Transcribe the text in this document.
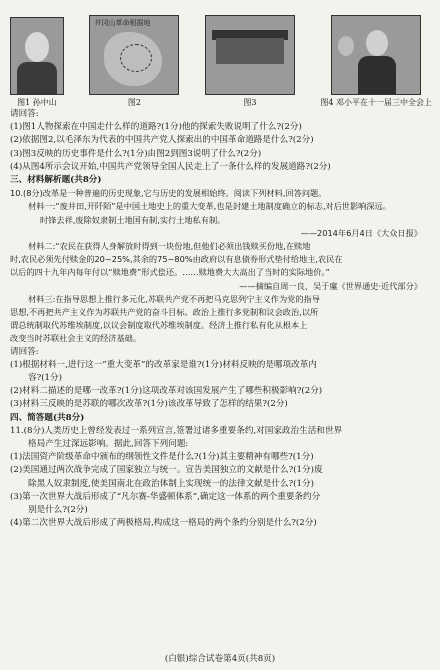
图1 孙中山
井冈山革命根据地
图2	图3	图4 邓小平在十一届三中全会上
请回答:
(1)图1人物探索在中国走什么样的道路?(1分)他的探索失败说明了什么?(2分)
(2)依据图2,以毛泽东为代表的中国共产党人探索出的中国革命道路是什么?(2分)
(3)图3反映的历史事件是什么?(1分)由图2到图3说明了什么?(2分)
(4)从图4所示会议开始,中国共产党领导全国人民走上了一条什么样的发展道路?(2分)
三、材料解析题(共8分)
10.(8分)改革是一种普遍的历史现象,它与历史的发展相始终。阅读下列材料,回答问题。
材料一:“废井田,开阡陌”是中国土地史上的重大变革,也是封建土地制度确立的标志,对后世影响深远。
时锋去祥,废除奴隶制土地国有制,实行土地私有制。
——2014年6月4日《大众日报》
材料二:“农民在获得人身解放时得到一块份地,但他们必须出钱赎买份地,在赎地
时,农民必须先付赎金的20~25%,其余的75~80%由政府以有息债券形式垫付给地主,农民在
以后的四十九年内每年付以“赎地费”形式偿还。……赎地费大大高出了当时的实际地价。”
——摘编自周一良、吴于廑《世界通史·近代部分》
材料三:在指导思想上推行多元化,苏联共产党不再把马克思列宁主义作为党的指导
思想,不再把共产主义作为苏联共产党的奋斗目标。政治上推行多党制和议会政治,以所
谓总统制取代苏维埃制度,以议会制度取代苏维埃制度。经济上推行私有化从根本上
改变当时苏联社会主义的经济基础。
请回答:
(1)根据材料一,进行这一“重大变革”的改革家是谁?(1分)材料反映的是哪项改革内
容?(1分)
(2)材料二描述的是哪一改革?(1分)这项改革对该国发展产生了哪些积极影响?(2分)
(3)材料三反映的是苏联的哪次改革?(1分)该改革导致了怎样的结果?(2分)
四、简答题(共8分)
11.(8分)人类历史上曾经发表过一系列宣言,签署过诸多重要条约,对国家政治生活和世界
格局产生过深远影响。据此,回答下列问题:
(1)法国资产阶级革命中颁布的纲领性文件是什么?(1分)其主要精神有哪些?(1分)
(2)美国通过两次战争完成了国家独立与统一。宣告美国独立的文献是什么?(1分)废
除黑人奴隶制度,使美国南北在政治体制上实现统一的法律文献是什么?(1分)
(3)第一次世界大战后形成了“凡尔赛-华盛顿体系”,确定这一体系的两个重要条约分
别是什么?(2分)
(4)第二次世界大战后形成了两极格局,构成这一格局的两个条约分别是什么?(2分)
(白银)综合试卷第4页(共8页)
